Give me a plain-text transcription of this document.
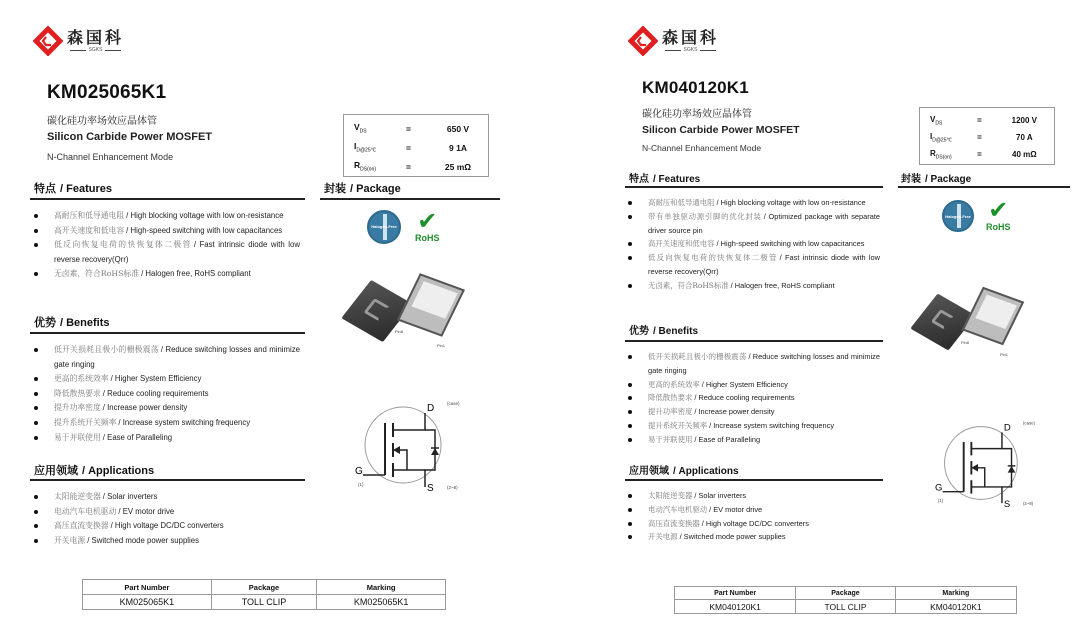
森国科
SGKS
KM025065K1
碳化硅功率场效应晶体管
Silicon Carbide Power MOSFET
N-Channel Enhancement Mode
$V_{DS}$	=	650 V
$I_{D@25℃}$	=	9 1A
$R_{DS(on)}$	=	25 mΩ
特点 / Features
高耐压和低导通电阻 / High blocking voltage with low on-resistance
高开关速度和低电容 / High-speed switching with low capacitances
低反向恢复电荷的快恢复体二极管 / Fast intrinsic diode with low reverse recovery(Qrr)
无卤素，符合RoHS标准 / Halogen free, RoHS compliant
优势 / Benefits
低开关损耗且极小的栅极震荡 / Reduce switching losses and minimize gate ringing
更高的系统效率 / Higher System Efficiency
降低散热要求 / Reduce cooling requirements
提升功率密度 / Increase power density
提升系统开关频率 / Increase system switching frequency
易于并联使用 / Ease of Paralleling
应用领域 / Applications
太阳能逆变器 / Solar inverters
电动汽车电机驱动 / EV motor drive
高压直流变换器 / High voltage DC/DC converters
开关电源 / Switched mode power supplies
封装 / Package
Halogen-Free ✔
RoHS
Pin8
Pin1
D
G
S
(case)
(1)
(2~8)
Part Number	Package	Marking
KM025065K1	TOLL CLIP	KM025065K1
森国科
SGKS
KM040120K1
碳化硅功率场效应晶体管
Silicon Carbide Power MOSFET
N-Channel Enhancement Mode
$V_{DS}$	=	1200 V
$I_{D@25℃}$	=	70 A
$R_{DS(on)}$	=	40 mΩ
特点 / Features
高耐压和低导通电阻 / High blocking voltage with low on-resistance
带有单独驱动源引脚的优化封装 / Optimized package with separate driver source pin
高开关速度和低电容 / High-speed switching with low capacitances
低反向恢复电荷的快恢复体二极管 / Fast intrinsic diode with low reverse recovery(Qrr)
无卤素，符合RoHS标准 / Halogen free, RoHS compliant
优势 / Benefits
低开关损耗且极小的栅极震荡 / Reduce switching losses and minimize gate ringing
更高的系统效率 / Higher System Efficiency
降低散热要求 / Reduce cooling requirements
提升功率密度 / Increase power density
提升系统开关频率 / Increase system switching frequency
易于并联使用 / Ease of Paralleling
应用领域 / Applications
太阳能逆变器 / Solar inverters
电动汽车电机驱动 / EV motor drive
高压直流变换器 / High voltage DC/DC converters
开关电源 / Switched mode power supplies
封装 / Package
Halogen-Free ✔
RoHS
Pin8
Pin1
D
G
S
(case)
(1)
(2~8)
Part Number	Package	Marking
KM040120K1	TOLL CLIP	KM040120K1
